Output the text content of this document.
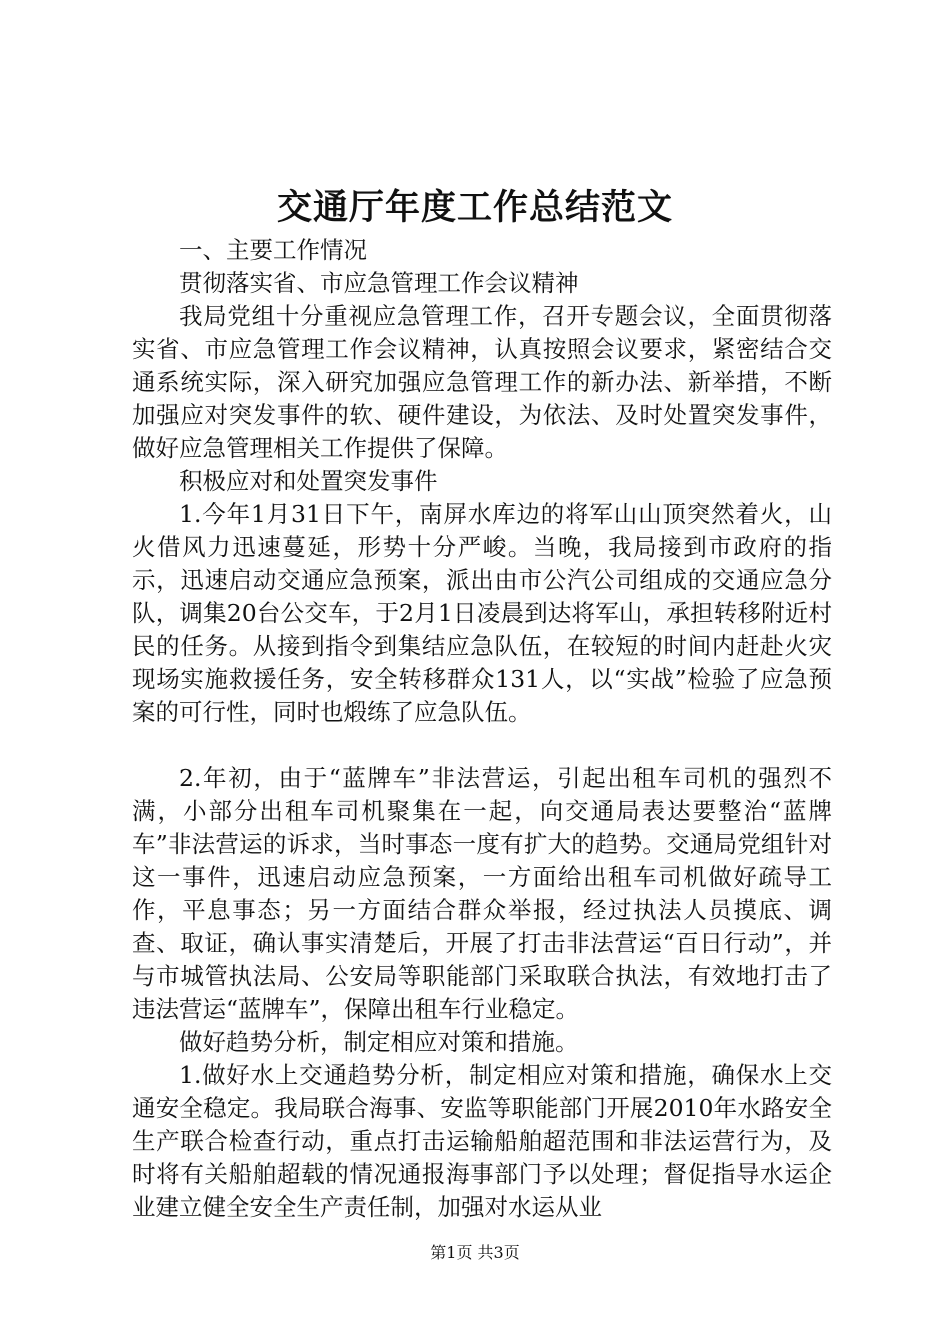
交通厅年度工作总结范文

一、主要工作情况

贯彻落实省、市应急管理工作会议精神

我局党组十分重视应急管理工作，召开专题会议，全面贯彻落实省、市应急管理工作会议精神，认真按照会议要求，紧密结合交通系统实际，深入研究加强应急管理工作的新办法、新举措，不断加强应对突发事件的软、硬件建设，为依法、及时处置突发事件，做好应急管理相关工作提供了保障。

积极应对和处置突发事件

1.今年1月31日下午，南屏水库边的将军山山顶突然着火，山火借风力迅速蔓延，形势十分严峻。当晚，我局接到市政府的指示，迅速启动交通应急预案，派出由市公汽公司组成的交通应急分队，调集20台公交车，于2月1日凌晨到达将军山，承担转移附近村民的任务。从接到指令到集结应急队伍，在较短的时间内赶赴火灾现场实施救援任务，安全转移群众131人，以“实战”检验了应急预案的可行性，同时也煅练了应急队伍。

2.年初，由于“蓝牌车”非法营运，引起出租车司机的强烈不满，小部分出租车司机聚集在一起，向交通局表达要整治“蓝牌车”非法营运的诉求，当时事态一度有扩大的趋势。交通局党组针对这一事件，迅速启动应急预案，一方面给出租车司机做好疏导工作，平息事态；另一方面结合群众举报，经过执法人员摸底、调查、取证，确认事实清楚后，开展了打击非法营运“百日行动”，并与市城管执法局、公安局等职能部门采取联合执法，有效地打击了违法营运“蓝牌车”，保障出租车行业稳定。

做好趋势分析，制定相应对策和措施。

1.做好水上交通趋势分析，制定相应对策和措施，确保水上交通安全稳定。我局联合海事、安监等职能部门开展2010年水路安全生产联合检查行动，重点打击运输船舶超范围和非法运营行为，及时将有关船舶超载的情况通报海事部门予以处理；督促指导水运企业建立健全安全生产责任制，加强对水运从业

第1页 共3页
